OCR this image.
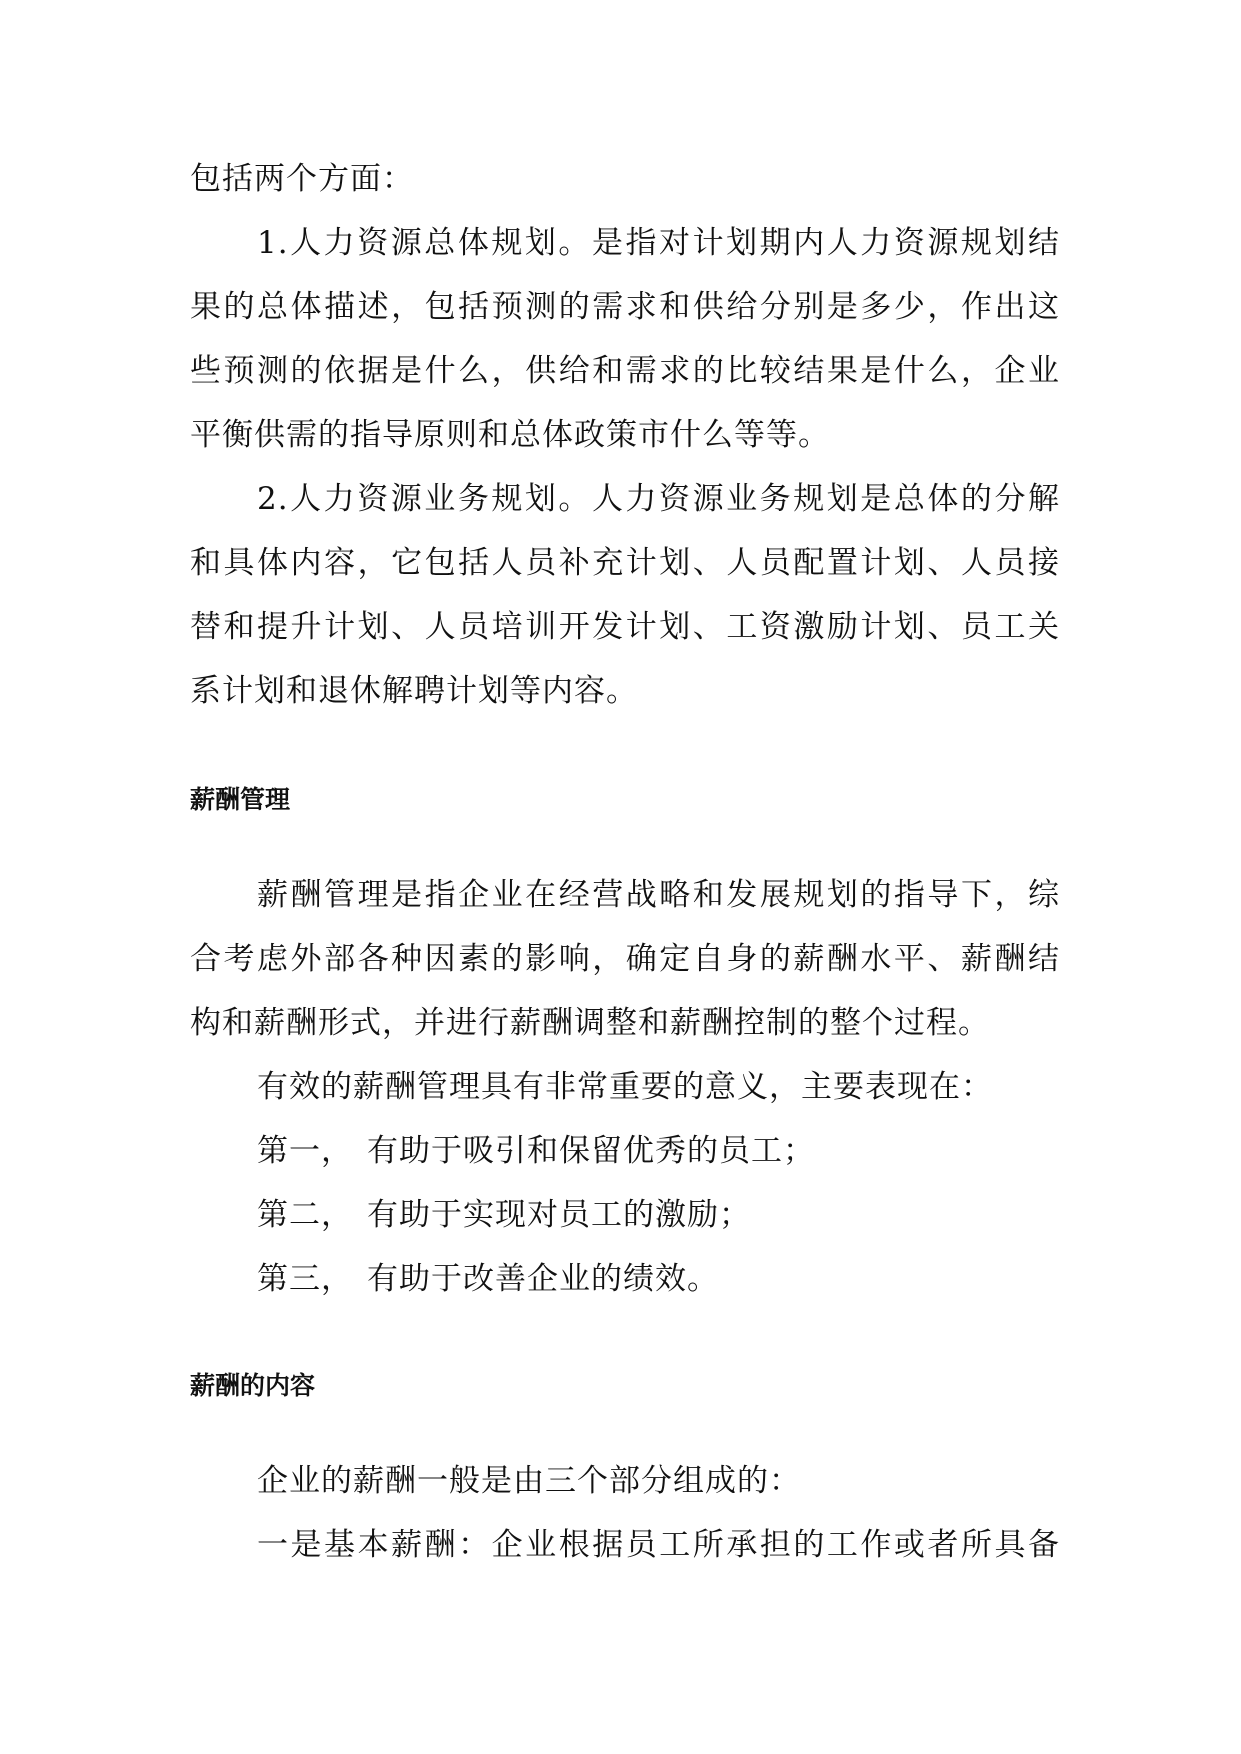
包括两个方面：

1.人力资源总体规划。是指对计划期内人力资源规划结

果的总体描述，包括预测的需求和供给分别是多少，作出这

些预测的依据是什么，供给和需求的比较结果是什么，企业

平衡供需的指导原则和总体政策市什么等等。

2.人力资源业务规划。人力资源业务规划是总体的分解

和具体内容，它包括人员补充计划、人员配置计划、人员接

替和提升计划、人员培训开发计划、工资激励计划、员工关

系计划和退休解聘计划等内容。

薪酬管理

薪酬管理是指企业在经营战略和发展规划的指导下，综

合考虑外部各种因素的影响，确定自身的薪酬水平、薪酬结

构和薪酬形式，并进行薪酬调整和薪酬控制的整个过程。

有效的薪酬管理具有非常重要的意义，主要表现在：

第一， 有助于吸引和保留优秀的员工；
第二， 有助于实现对员工的激励；
第三， 有助于改善企业的绩效。
薪酬的内容

企业的薪酬一般是由三个部分组成的：

一是基本薪酬：企业根据员工所承担的工作或者所具备
